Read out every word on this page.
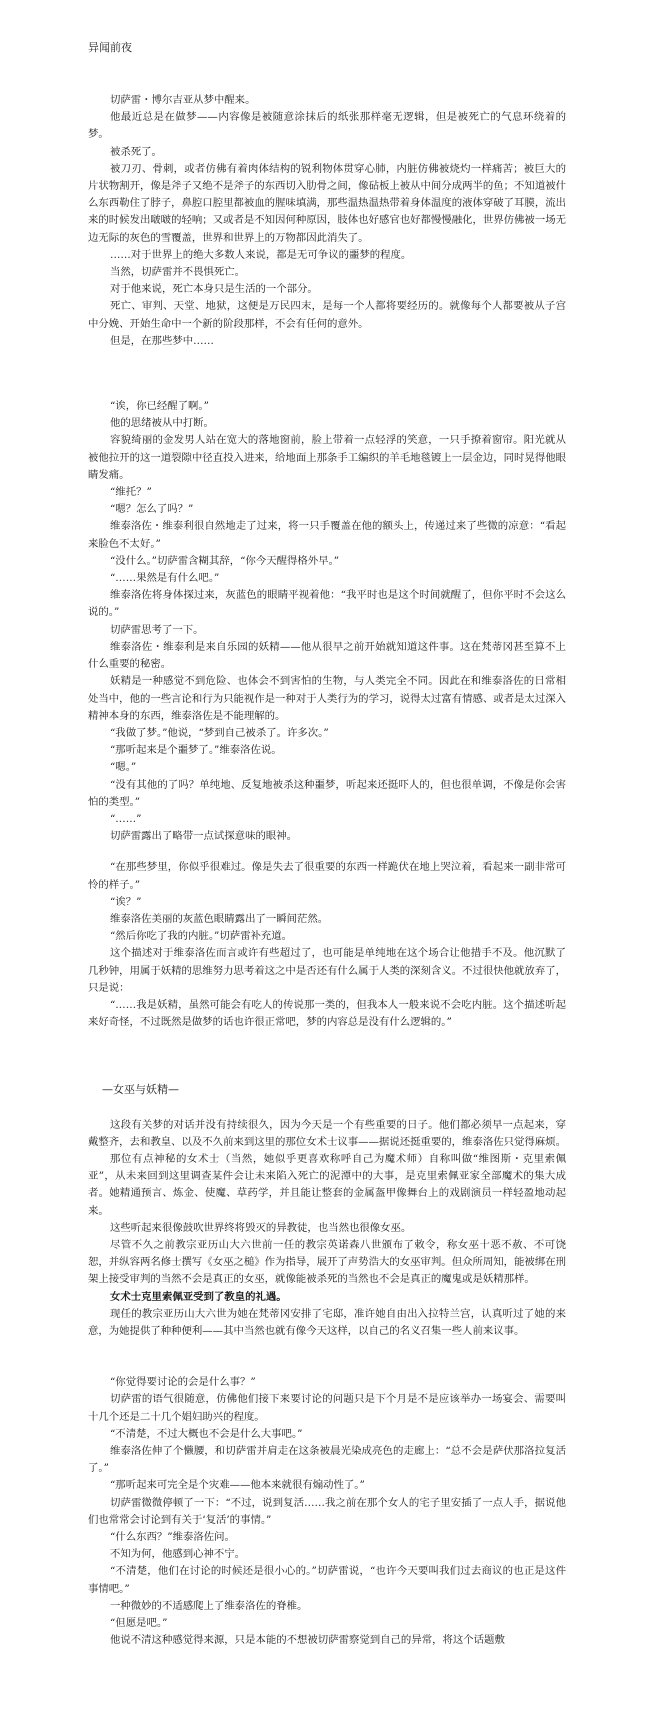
异闻前夜

切萨雷・博尔吉亚从梦中醒来。

他最近总是在做梦——内容像是被随意涂抹后的纸张那样毫无逻辑，但是被死亡的气息环绕着的梦。

被杀死了。

被刀刃、骨刺，或者仿佛有着肉体结构的锐利物体贯穿心肺，内脏仿佛被烧灼一样痛苦；被巨大的片状物割开，像是斧子又绝不是斧子的东西切入肋骨之间，像砧板上被从中间分成两半的鱼；不知道被什么东西勒住了脖子，鼻腔口腔里都被血的腥味填满，那些温热温热带着身体温度的液体穿破了耳膜，流出来的时候发出啵啵的轻响；又或者是不知因何种原因，肢体也好感官也好都慢慢融化，世界仿佛被一场无边无际的灰色的雪覆盖，世界和世界上的万物都因此消失了。

……对于世界上的绝大多数人来说，都是无可争议的噩梦的程度。

当然，切萨雷并不畏惧死亡。

对于他来说，死亡本身只是生活的一个部分。

死亡、审判、天堂、地狱，这便是万民四末，是每一个人都将要经历的。就像每个人都要被从子宫中分娩、开始生命中一个新的阶段那样，不会有任何的意外。

但是，在那些梦中……

“诶，你已经醒了啊。”

他的思绪被从中打断。

容貌绮丽的金发男人站在宽大的落地窗前，脸上带着一点轻浮的笑意，一只手撩着窗帘。阳光就从被他拉开的这一道裂隙中径直投入进来，给地面上那条手工编织的羊毛地毯镀上一层金边，同时晃得他眼睛发痛。

“维托？”

“嗯？怎么了吗？”

维泰洛佐・维泰利很自然地走了过来，将一只手覆盖在他的额头上，传递过来了些微的凉意：“看起来脸色不太好。”

“没什么。”切萨雷含糊其辞，“你今天醒得格外早。”

“……果然是有什么吧。”

维泰洛佐将身体探过来，灰蓝色的眼睛平视着他：“我平时也是这个时间就醒了，但你平时不会这么说的。”

切萨雷思考了一下。

维泰洛佐・维泰利是来自乐园的妖精——他从很早之前开始就知道这件事。这在梵蒂冈甚至算不上什么重要的秘密。

妖精是一种感觉不到危险、也体会不到害怕的生物，与人类完全不同。因此在和维泰洛佐的日常相处当中，他的一些言论和行为只能视作是一种对于人类行为的学习，说得太过富有情感、或者是太过深入精神本身的东西，维泰洛佐是不能理解的。

“我做了梦。”他说，“梦到自己被杀了。许多次。”

“那听起来是个噩梦了。”维泰洛佐说。

“嗯。”

“没有其他的了吗？单纯地、反复地被杀这种噩梦，听起来还挺吓人的，但也很单调，不像是你会害怕的类型。”

“……”

切萨雷露出了略带一点试探意味的眼神。

“在那些梦里，你似乎很难过。像是失去了很重要的东西一样跪伏在地上哭泣着，看起来一副非常可怜的样子。”

“诶？”

维泰洛佐美丽的灰蓝色眼睛露出了一瞬间茫然。

“然后你吃了我的内脏。”切萨雷补充道。

这个描述对于维泰洛佐而言或许有些超过了，也可能是单纯地在这个场合让他措手不及。他沉默了几秒钟，用属于妖精的思维努力思考着这之中是否还有什么属于人类的深刻含义。不过很快他就放弃了，只是说：

“……我是妖精，虽然可能会有吃人的传说那一类的，但我本人一般来说不会吃内脏。这个描述听起来好奇怪，不过既然是做梦的话也许很正常吧，梦的内容总是没有什么逻辑的。”

—女巫与妖精—

这段有关梦的对话并没有持续很久，因为今天是一个有些重要的日子。他们都必须早一点起来，穿戴整齐，去和教皇、以及不久前来到这里的那位女术士议事——据说还挺重要的，维泰洛佐只觉得麻烦。

那位有点神秘的女术士（当然，她似乎更喜欢称呼自己为魔术师）自称叫做“维图斯・克里索佩亚”，从未来回到这里调查某件会让未来陷入死亡的泥潭中的大事，是克里索佩亚家全部魔术的集大成者。她精通预言、炼金、使魔、草药学，并且能让整套的金属盔甲像舞台上的戏剧演员一样轻盈地动起来。

这些听起来很像鼓吹世界终将毁灭的异教徒，也当然也很像女巫。

尽管不久之前教宗亚历山大六世前一任的教宗英诺森八世颁布了敕令，称女巫十恶不赦、不可饶恕，并纵容两名修士撰写《女巫之槌》作为指导，展开了声势浩大的女巫审判。但众所周知，能被绑在刑架上接受审判的当然不会是真正的女巫，就像能被杀死的当然也不会是真正的魔鬼或是妖精那样。

女术士克里索佩亚受到了教皇的礼遇。

现任的教宗亚历山大六世为她在梵蒂冈安排了宅邸，准许她自由出入拉特兰宫，认真听过了她的来意，为她提供了种种便利——其中当然也就有像今天这样，以自己的名义召集一些人前来议事。

“你觉得要讨论的会是什么事？”

切萨雷的语气很随意，仿佛他们接下来要讨论的问题只是下个月是不是应该举办一场宴会、需要叫十几个还是二十几个娼妇助兴的程度。

“不清楚，不过大概也不会是什么大事吧。”

维泰洛佐伸了个懒腰，和切萨雷并肩走在这条被晨光染成亮色的走廊上：“总不会是萨伏那洛拉复活了。”

“那听起来可完全是个灾难——他本来就很有煽动性了。”

切萨雷微微停顿了一下：“不过，说到复活……我之前在那个女人的宅子里安插了一点人手，据说他们也常常会讨论到有关于‘复活’的事情。”

“什么东西？”维泰洛佐问。

不知为何，他感到心神不宁。

“不清楚，他们在讨论的时候还是很小心的。”切萨雷说，“也许今天要叫我们过去商议的也正是这件事情吧。”

一种微妙的不适感爬上了维泰洛佐的脊椎。

“但愿是吧。”

他说不清这种感觉得来源，只是本能的不想被切萨雷察觉到自己的异常，将这个话题敷
